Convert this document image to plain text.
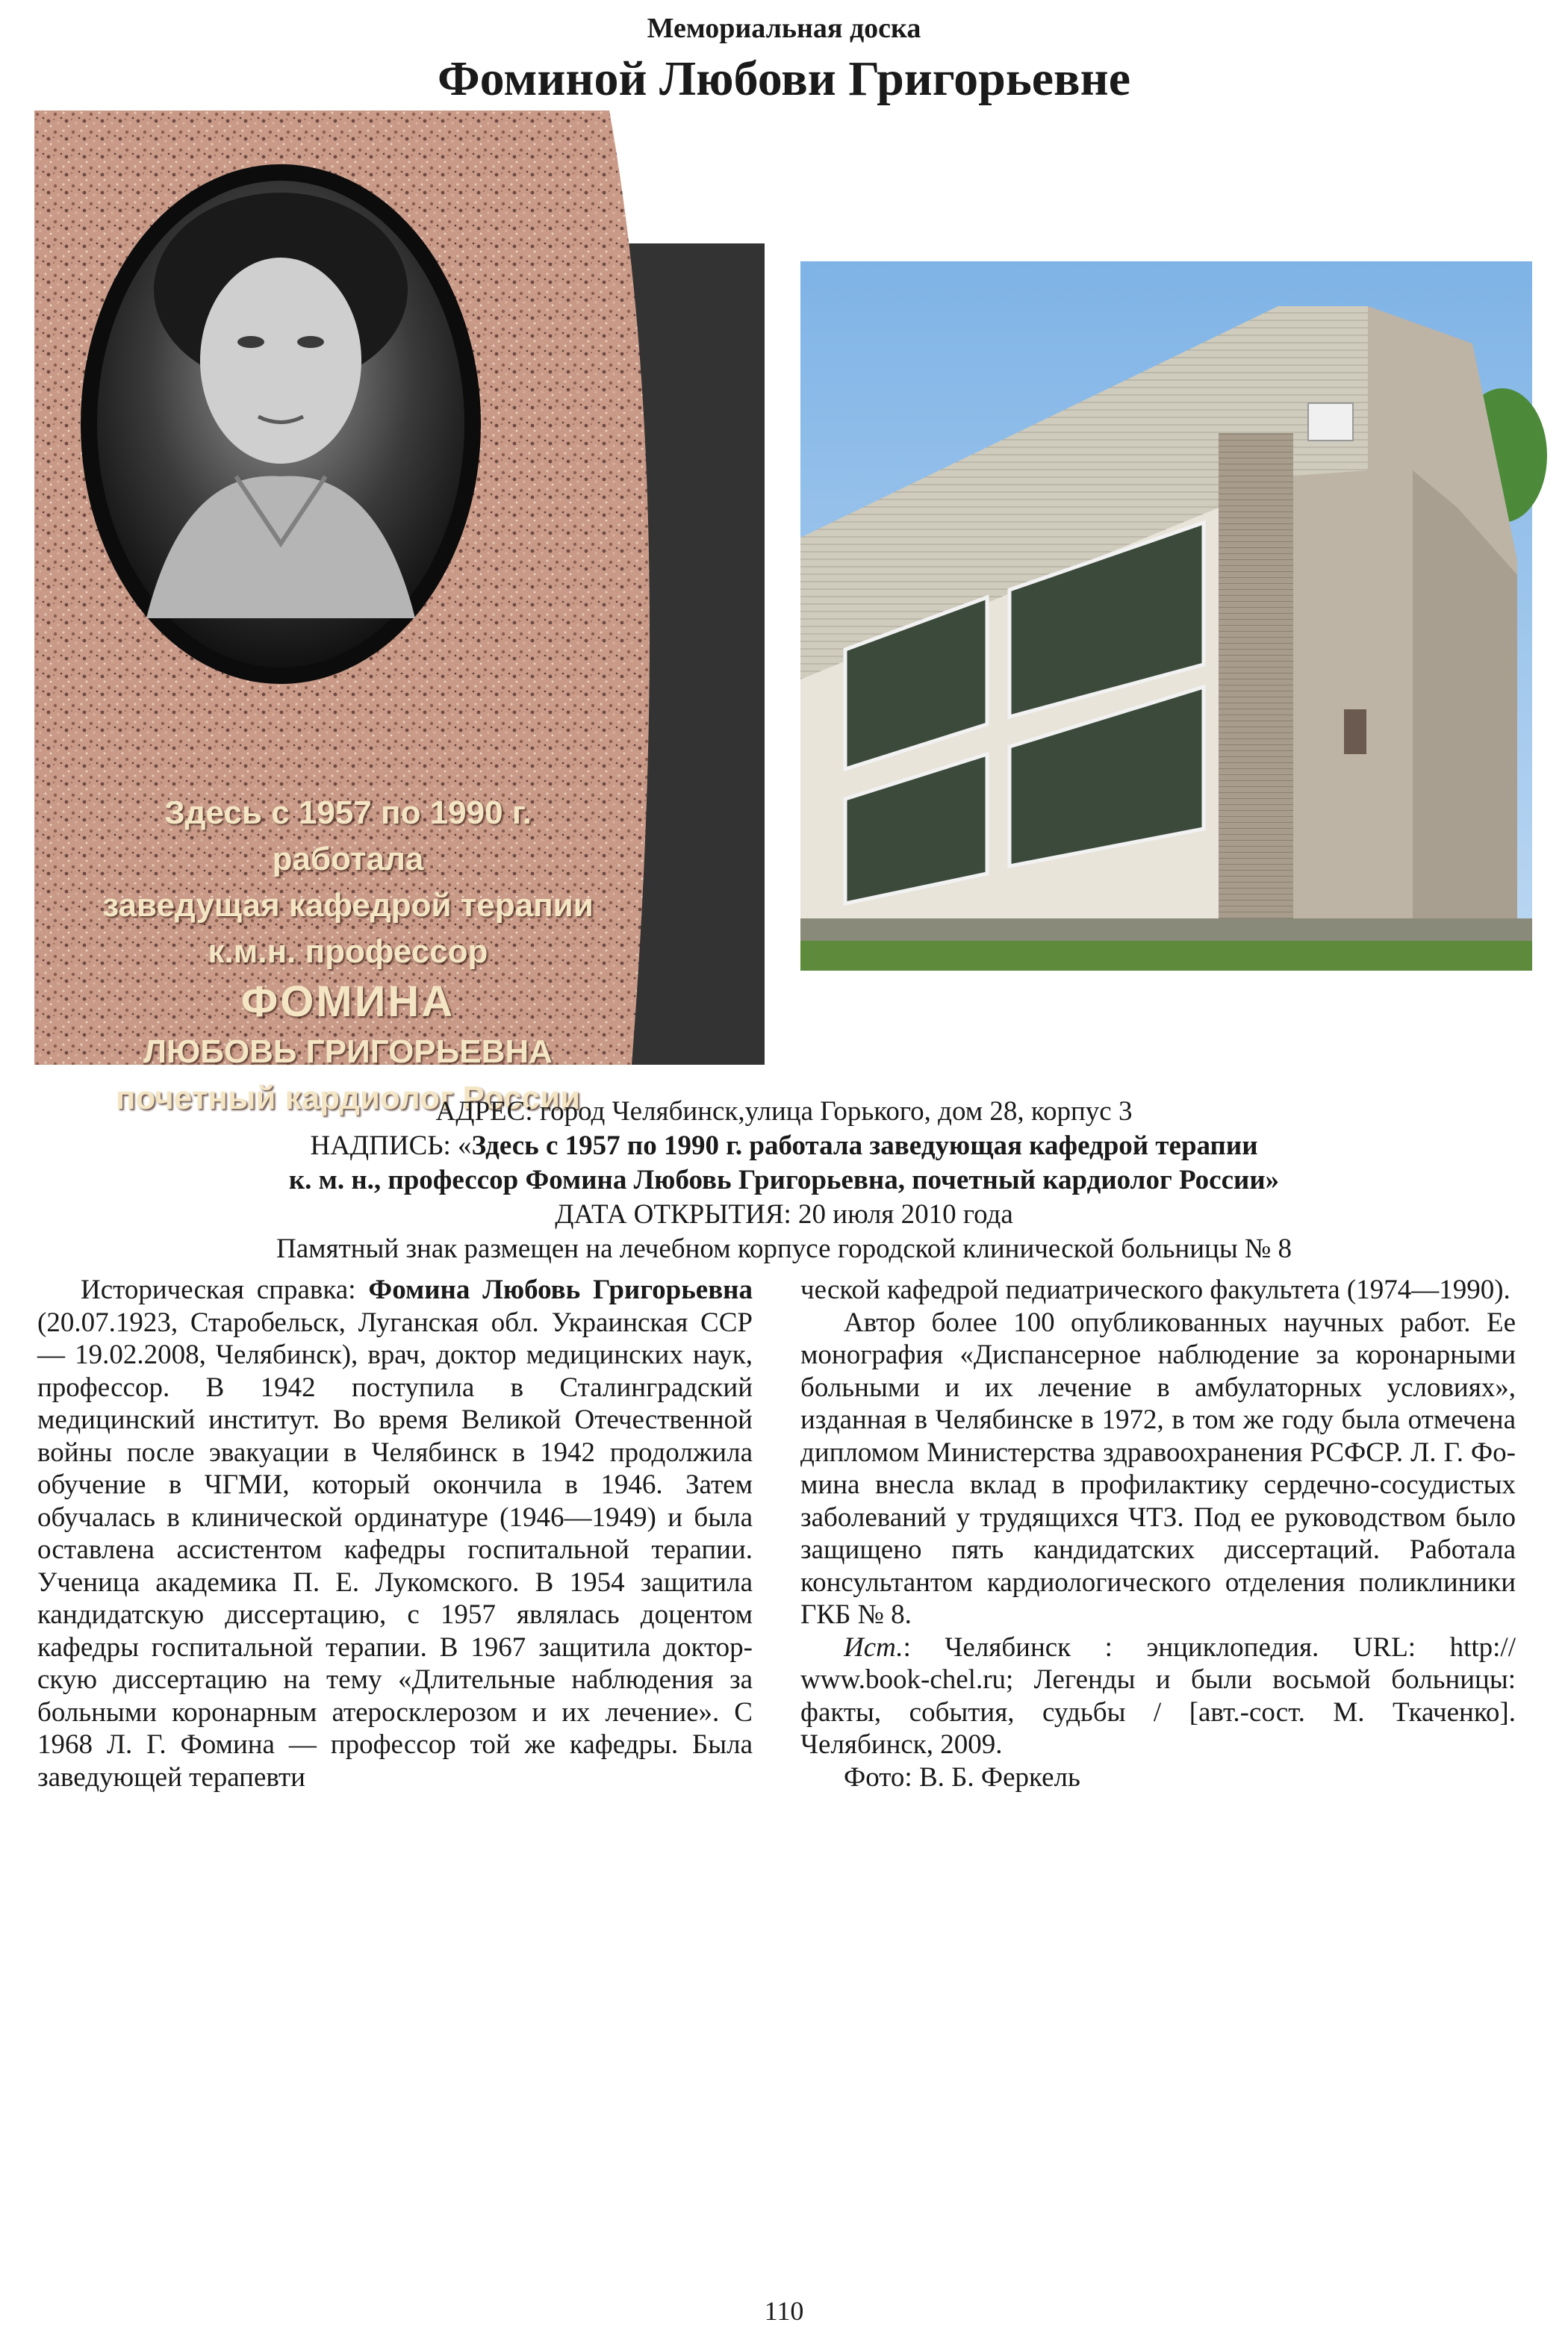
Мемориальная доска
Фоминой Любови Григорьевне
Здесь с 1957 по 1990 г.
работала
заведущая кафедрой терапии
к.м.н. профессор
ФОМИНА
ЛЮБОВЬ ГРИГОРЬЕВНА
почетный кардиолог России
АДРЕС: город Челябинск,улица Горького, дом 28, корпус 3
НАДПИСЬ: «Здесь с 1957 по 1990 г. работала заведующая кафедрой терапии
к. м. н., профессор Фомина Любовь Григорьевна, почетный кардиолог России»
ДАТА ОТКРЫТИЯ: 20 июля 2010 года
Памятный знак размещен на лечебном корпусе городской клинической больницы № 8

Историческая справка: Фомина Любовь Григорьевна (20.07.1923, Старобельск, Луганская обл. Украинская ССР — 19.02.2008, Челябинск), врач, доктор медицинских наук, профессор. В 1942 поступила в Сталинградский медицинский институт. Во время Великой Отечественной войны после эвакуации в Челябинск в 1942 продолжила обучение в ЧГМИ, который окончила в 1946. Затем обучалась в клинической ординатуре (1946—1949) и была оставлена ассистентом кафедры госпитальной терапии. Ученица академика П. Е. Лукомского. В 1954 защитила кандидатскую диссертацию, с 1957 являлась доцентом кафедры госпитальной терапии. В 1967 защитила докторскую диссертацию на тему «Длительные наблюдения за больными коронарным атеросклерозом и их лечение». С 1968 Л. Г. Фомина — профессор той же кафедры. Была заведующей терапевти

ческой кафедрой педиатрического факультета (1974—1990).

Автор более 100 опубликованных научных работ. Ее монография «Диспансерное наблюдение за коронарными больными и их лечение в амбулаторных условиях», изданная в Челябинске в 1972, в том же году была отмечена дипломом Министерства здравоохранения РСФСР. Л. Г. Фомина внесла вклад в профилактику сердечно-сосудистых заболеваний у трудящихся ЧТЗ. Под ее руководством было защищено пять кандидатских диссертаций. Работала консультантом кардиологического отделения поликлиники ГКБ № 8.

Ист.: Челябинск : энциклопедия. URL: http:// www.book-chel.ru; Легенды и были восьмой больницы: факты, события, судьбы / [авт.-сост. М. Ткаченко]. Челябинск, 2009.

Фото: В. Б. Феркель

110
